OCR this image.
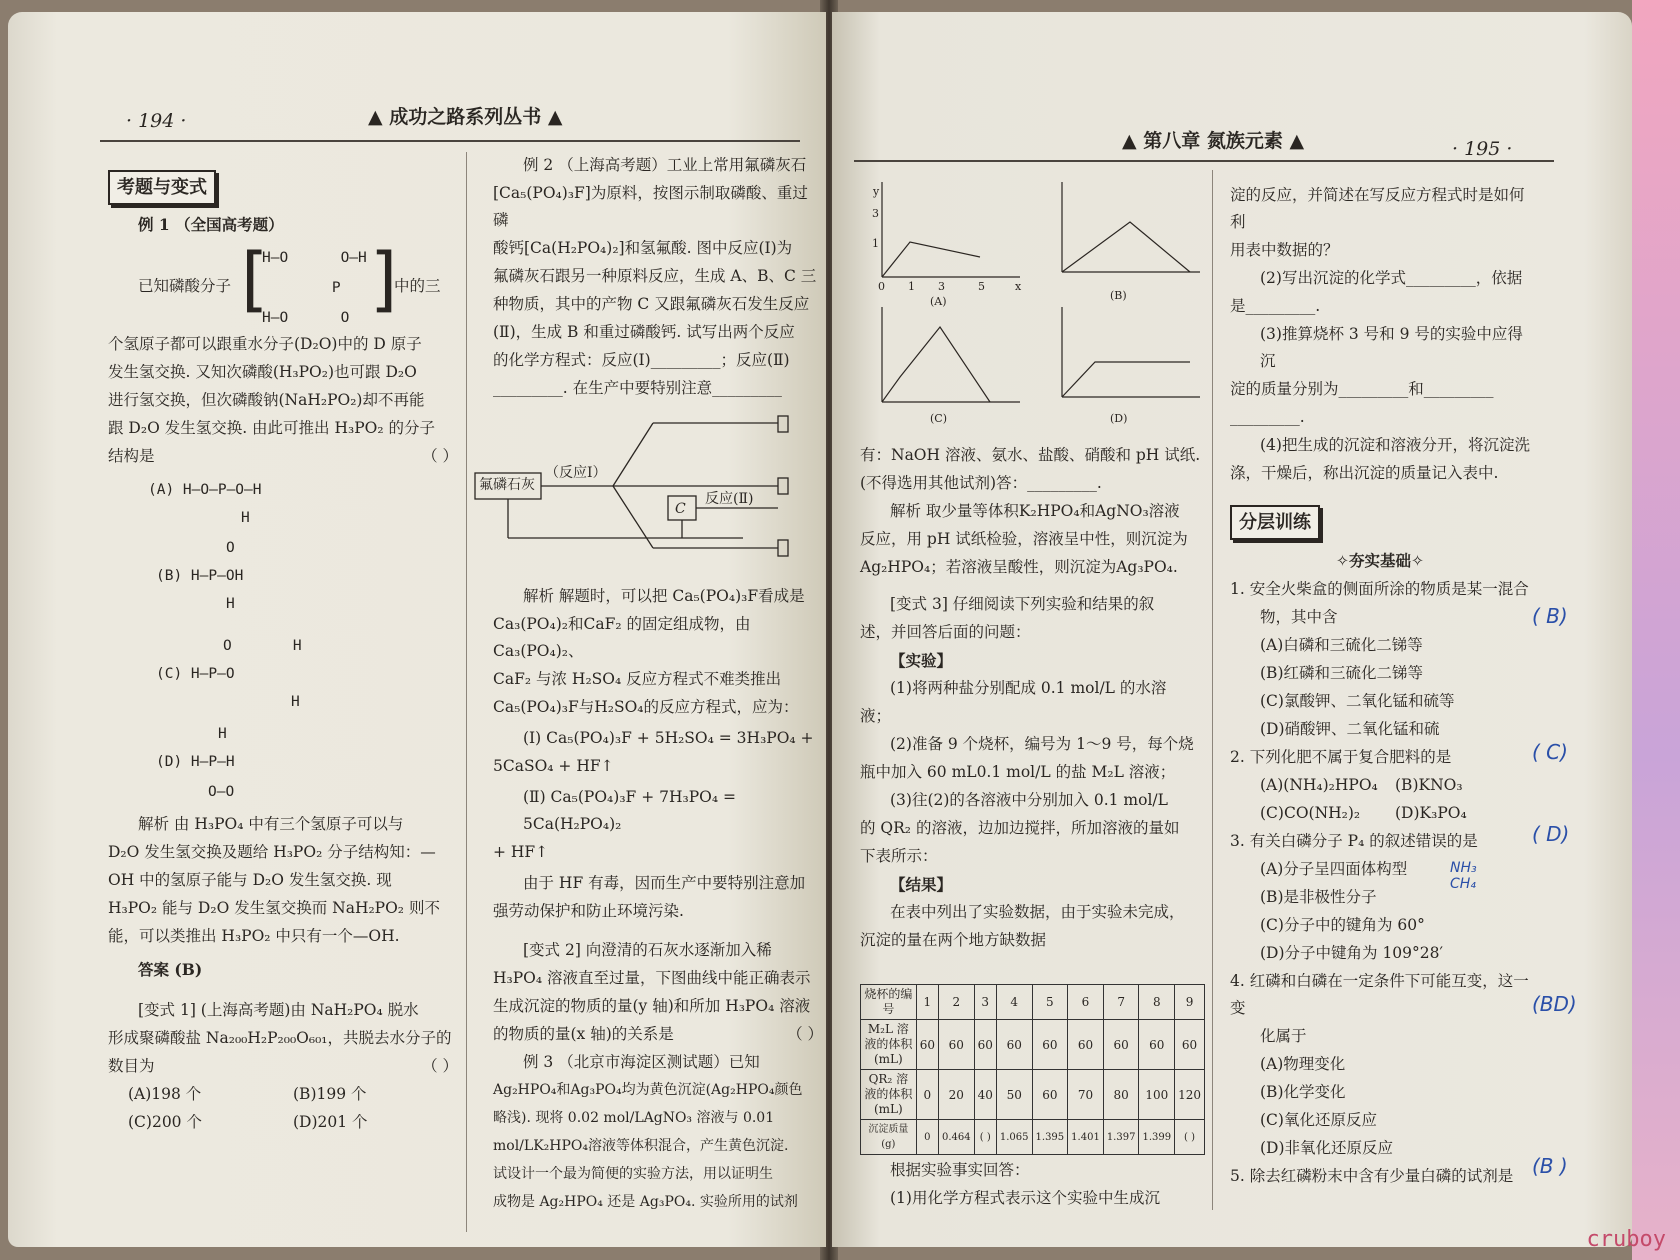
· 194 ·	▲ 成功之路系列丛书 ▲

考题与变式

例 1 （全国高考题）

已知磷酸分子 [
H—O      O—H
P
H—O      O ]
中的三

个氢原子都可以跟重水分子(D₂O)中的 D 原子

发生氢交换. 又知次磷酸(H₃PO₂)也可跟 D₂O

进行氢交换，但次磷酸钠(NaH₂PO₂)却不再能

跟 D₂O 发生氢交换. 由此可推出 H₃PO₂ 的分子

结构是	（ ）

(A) H—O—P—O—H
H
O
(B) H—P—OH
H
O       H
(C) H—P—O
H
H
(D) H—P—H
O—O

解析 由 H₃PO₄ 中有三个氢原子可以与

D₂O 发生氢交换及题给 H₃PO₂ 分子结构知：—

OH 中的氢原子能与 D₂O 发生氢交换. 现

H₃PO₂ 能与 D₂O 发生氢交换而 NaH₂PO₂ 则不

能，可以类推出 H₃PO₂ 中只有一个—OH.

答案 (B)

[变式 1] (上海高考题)由 NaH₂PO₄ 脱水

形成聚磷酸盐 Na₂₀₀H₂P₂₀₀O₆₀₁，共脱去水分子的

数目为	（ ）

(A)198 个	(B)199 个

(C)200 个	(D)201 个

例 2 （上海高考题）工业上常用氟磷灰石

[Ca₅(PO₄)₃F]为原料，按图示制取磷酸、重过磷

酸钙[Ca(H₂PO₄)₂]和氢氟酸. 图中反应(Ⅰ)为

氟磷灰石跟另一种原料反应，生成 A、B、C 三

种物质，其中的产物 C 又跟氟磷灰石发生反应

(Ⅱ)，生成 B 和重过磷酸钙. 试写出两个反应

的化学方程式：反应(Ⅰ)_________；反应(Ⅱ)

_________. 在生产中要特别注意_________

氟磷石灰
（反应Ⅰ）
C
反应(Ⅱ)

解析 解题时，可以把 Ca₅(PO₄)₃F看成是

Ca₃(PO₄)₂和CaF₂ 的固定组成物，由 Ca₃(PO₄)₂、

CaF₂ 与浓 H₂SO₄ 反应方程式不难类推出

Ca₅(PO₄)₃F与H₂SO₄的反应方程式，应为：

(Ⅰ) Ca₅(PO₄)₃F + 5H₂SO₄ = 3H₃PO₄ +

5CaSO₄ + HF↑

(Ⅱ) Ca₅(PO₄)₃F + 7H₃PO₄ = 5Ca(H₂PO₄)₂

+ HF↑

由于 HF 有毒，因而生产中要特别注意加

强劳动保护和防止环境污染.

[变式 2] 向澄清的石灰水逐渐加入稀

H₃PO₄ 溶液直至过量，下图曲线中能正确表示

生成沉淀的物质的量(y 轴)和所加 H₃PO₄ 溶液

的物质的量(x 轴)的关系是	（ ）

例 3 （北京市海淀区测试题）已知

Ag₂HPO₄和Ag₃PO₄均为黄色沉淀(Ag₂HPO₄颜色

略浅). 现将 0.02 mol/LAgNO₃ 溶液与 0.01

mol/LK₂HPO₄溶液等体积混合，产生黄色沉淀.

试设计一个最为简便的实验方法，用以证明生

成物是 Ag₂HPO₄ 还是 Ag₃PO₄. 实验所用的试剂

▲ 第八章 氮族元素 ▲	· 195 ·
y
x
3
1
0 1 3	5
(A)	(B)
(C)	(D)

有：NaOH 溶液、氨水、盐酸、硝酸和 pH 试纸.

(不得选用其他试剂)答：_________.

解析 取少量等体积K₂HPO₄和AgNO₃溶液

反应，用 pH 试纸检验，溶液呈中性，则沉淀为

Ag₂HPO₄；若溶液呈酸性，则沉淀为Ag₃PO₄.

[变式 3] 仔细阅读下列实验和结果的叙

述，并回答后面的问题：

【实验】

(1)将两种盐分别配成 0.1 mol/L 的水溶

液；

(2)准备 9 个烧杯，编号为 1～9 号，每个烧

瓶中加入 60 mL0.1 mol/L 的盐 M₂L 溶液；

(3)往(2)的各溶液中分别加入 0.1 mol/L

的 QR₂ 的溶液，边加边搅拌，所加溶液的量如

下表所示：

【结果】

在表中列出了实验数据，由于实验未完成，

沉淀的量在两个地方缺数据

烧杯的编号	1	2	3	4	5	6	7	8	9
M₂L 溶液的体积(mL)	60	60	60	60	60	60	60	60	60
QR₂ 溶液的体积(mL)	0	20	40	50	60	70	80	100	120
沉淀质量(g)	0	0.464	( )	1.065	1.395	1.401	1.397	1.399	( )

根据实验事实回答：

(1)用化学方程式表示这个实验中生成沉

淀的反应，并简述在写反应方程式时是如何利

用表中数据的？

(2)写出沉淀的化学式_________，依据

是_________.

(3)推算烧杯 3 号和 9 号的实验中应得沉

淀的质量分别为_________和_________

_________.

(4)把生成的沉淀和溶液分开，将沉淀洗

涤，干燥后，称出沉淀的质量记入表中.

分层训练

✧夯实基础✧

1. 安全火柴盒的侧面所涂的物质是某一混合

物，其中含

(A)白磷和三硫化二锑等

(B)红磷和三硫化二锑等

(C)氯酸钾、二氧化锰和硫等

(D)硝酸钾、二氧化锰和硫

2. 下列化肥不属于复合肥料的是

(A)(NH₄)₂HPO₄	(B)KNO₃

(C)CO(NH₂)₂	(D)K₃PO₄

3. 有关白磷分子 P₄ 的叙述错误的是

(A)分子呈四面体构型

(B)是非极性分子

(C)分子中的键角为 60°

(D)分子中键角为 109°28′

4. 红磷和白磷在一定条件下可能互变，这一变

化属于

(A)物理变化

(B)化学变化

(C)氧化还原反应

(D)非氧化还原反应

5. 除去红磷粉末中含有少量白磷的试剂是

( B)
( C)
( D)
NH₃ CH₄
(BD)
(B )
cruboy
